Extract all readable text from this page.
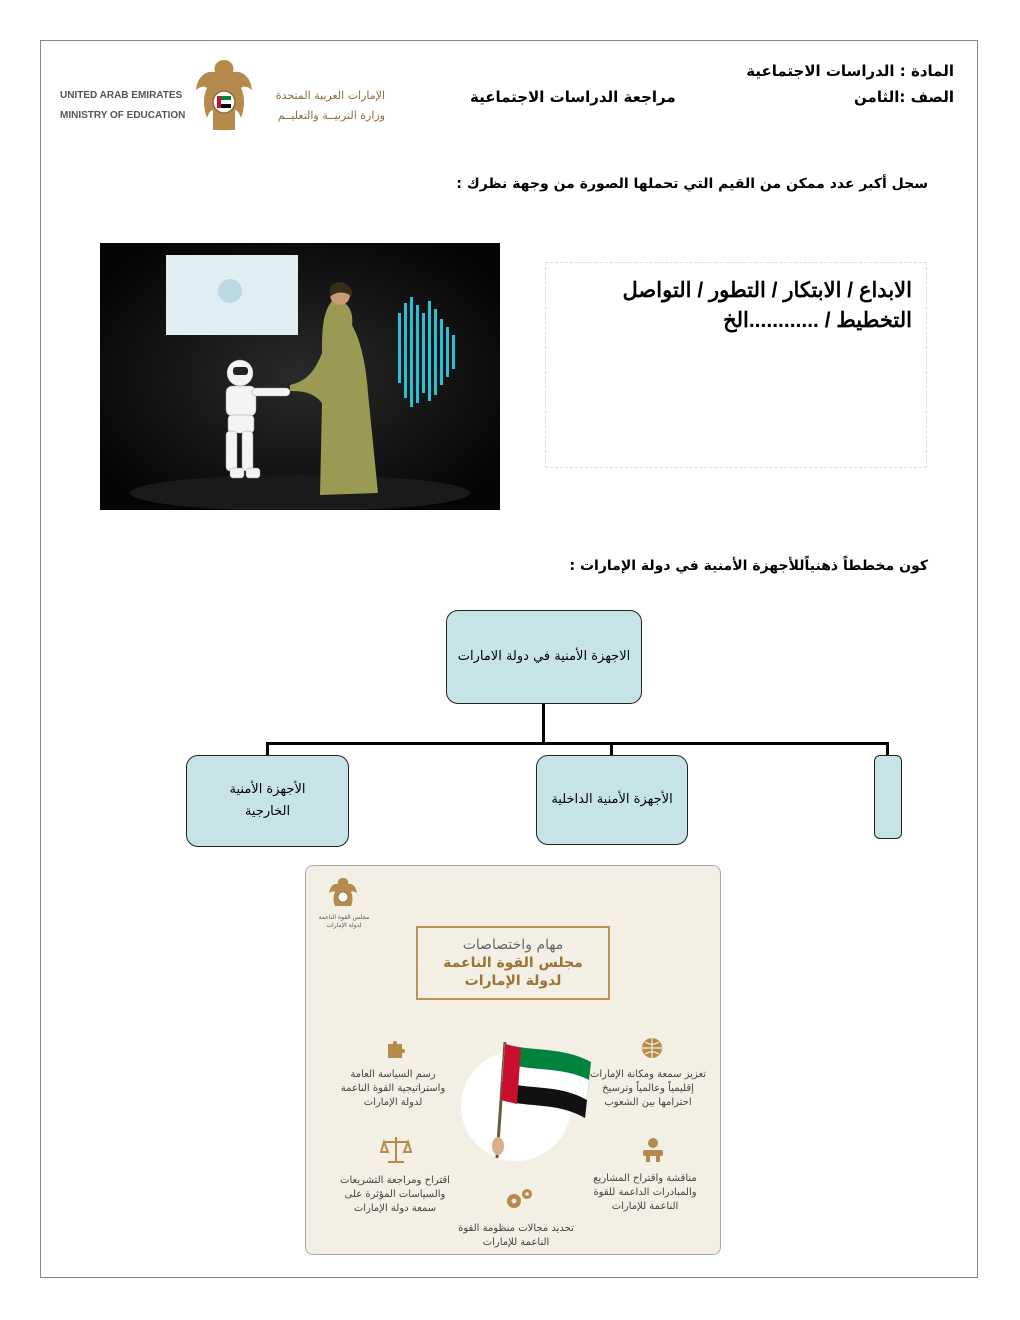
المادة : الدراسات الاجتماعية
الصف :الثامن
مراجعة الدراسات الاجتماعية
UNITED ARAB EMIRATES
MINISTRY OF EDUCATION
الإمارات العربية المتحدة
وزارة التربيــة والتعليــم
سجل أكبر عدد ممكن من القيم التي تحملها الصورة من وجهة نظرك :
الابداع / الابتكار / التطور / التواصل
التخطيط / ............الخ
كون مخططاً ذهنياًللأجهزة الأمنية في دولة الإمارات :
الاجهزة الأمنية في دولة الامارات
الأجهزة الأمنية الخارجية
الأجهزة الأمنية الداخلية
مجلس القوة الناعمة لدولة الإمارات
مهام واختصاصات
مجلس القوة الناعمة
لدولة الإمارات
رسم السياسة العامة واستراتيجية القوة الناعمة لدولة الإمارات
تعزيز سمعة ومكانة الإمارات إقليمياً وعالمياً وترسيخ احترامها بين الشعوب
اقتراح ومراجعة التشريعات والسياسات المؤثرة على سمعة دولة الإمارات
مناقشة واقتراح المشاريع والمبادرات الداعمة للقوة الناعمة للإمارات
تحديد مجالات منظومة القوة الناعمة للإمارات
